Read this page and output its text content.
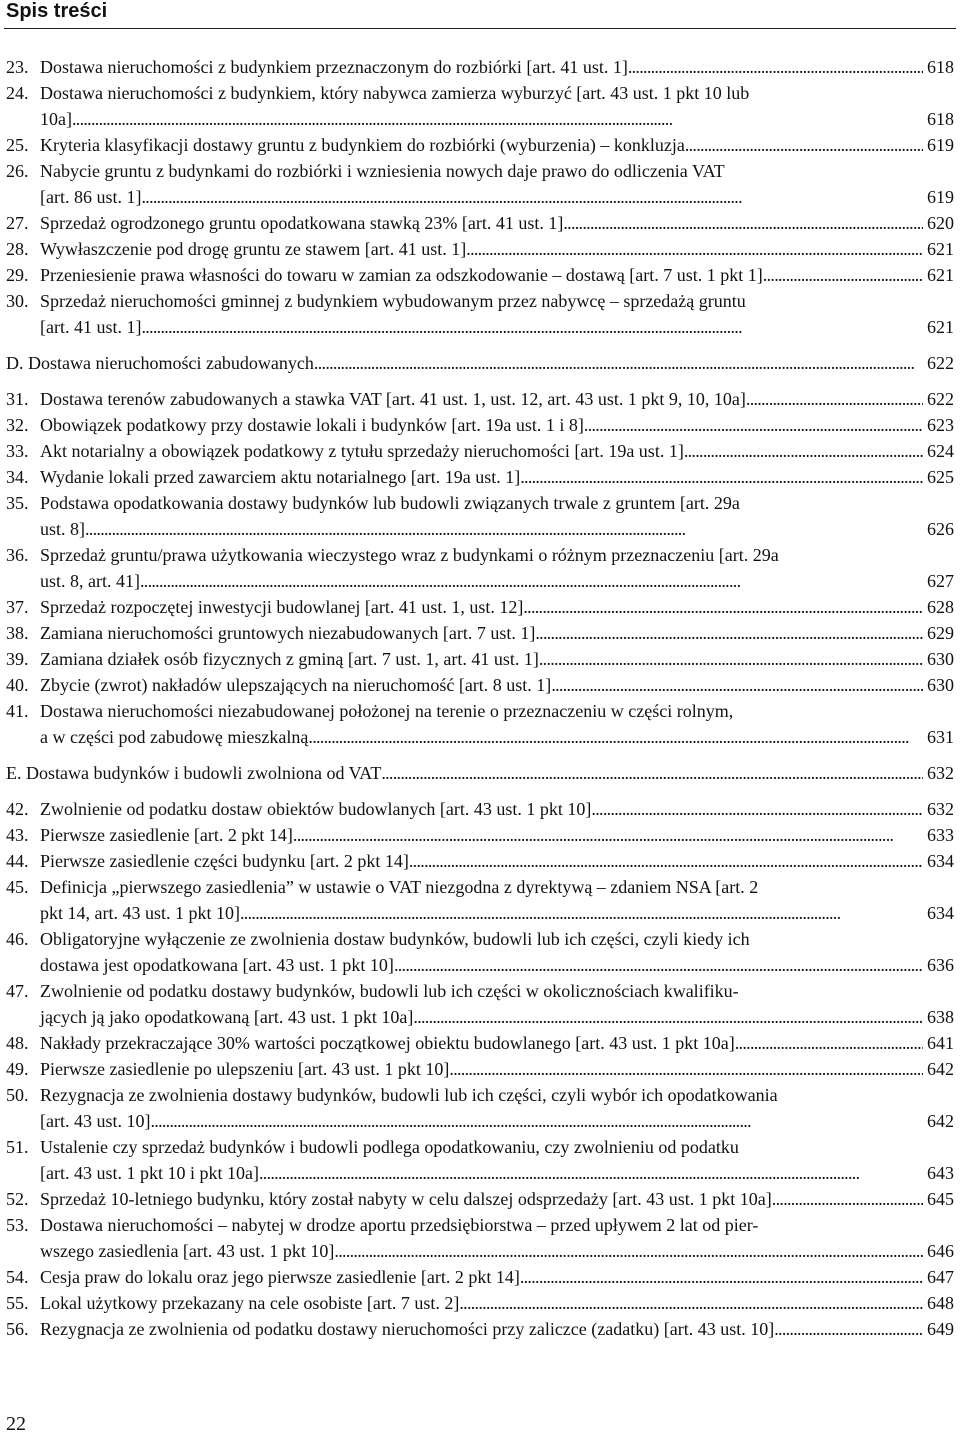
Spis treści
23. Dostawa nieruchomości z budynkiem przeznaczonym do rozbiórki [art. 41 ust. 1] . . .	618
24. Dostawa nieruchomości z budynkiem, który nabywca zamierza wyburzyć [art. 43 ust. 1 pkt 10 lub
10a] . . .	618
25. Kryteria klasyfikacji dostawy gruntu z budynkiem do rozbiórki (wyburzenia) – konkluzja . . .	619
26. Nabycie gruntu z budynkami do rozbiórki i wzniesienia nowych daje prawo do odliczenia VAT
[art. 86 ust. 1] . . .	619
27. Sprzedaż ogrodzonego gruntu opodatkowana stawką 23% [art. 41 ust. 1] . . .	620
28. Wywłaszczenie pod drogę gruntu ze stawem [art. 41 ust. 1] . . .	621
29. Przeniesienie prawa własności do towaru w zamian za odszkodowanie – dostawą [art. 7 ust. 1 pkt 1] . . .	621
30. Sprzedaż nieruchomości gminnej z budynkiem wybudowanym przez nabywcę – sprzedażą gruntu
[art. 41 ust. 1] . . .	621
D. Dostawa nieruchomości zabudowanych . . .	622
31. Dostawa terenów zabudowanych a stawka VAT [art. 41 ust. 1, ust. 12, art. 43 ust. 1 pkt 9, 10, 10a] . . .	622
32. Obowiązek podatkowy przy dostawie lokali i budynków [art. 19a ust. 1 i 8] . . .	623
33. Akt notarialny a obowiązek podatkowy z tytułu sprzedaży nieruchomości [art. 19a ust. 1] . . .	624
34. Wydanie lokali przed zawarciem aktu notarialnego [art. 19a ust. 1] . . .	625
35. Podstawa opodatkowania dostawy budynków lub budowli związanych trwale z gruntem [art. 29a
ust. 8] . . .	626
36. Sprzedaż gruntu/prawa użytkowania wieczystego wraz z budynkami o różnym przeznaczeniu [art. 29a
ust. 8, art. 41] . . .	627
37. Sprzedaż rozpoczętej inwestycji budowlanej [art. 41 ust. 1, ust. 12] . . .	628
38. Zamiana nieruchomości gruntowych niezabudowanych [art. 7 ust. 1] . . .	629
39. Zamiana działek osób fizycznych z gminą [art. 7 ust. 1, art. 41 ust. 1] . . .	630
40. Zbycie (zwrot) nakładów ulepszających na nieruchomość [art. 8 ust. 1] . . .	630
41. Dostawa nieruchomości niezabudowanej położonej na terenie o przeznaczeniu w części rolnym,
a w części pod zabudowę mieszkalną . . .	631
E. Dostawa budynków i budowli zwolniona od VAT . . .	632
42. Zwolnienie od podatku dostaw obiektów budowlanych [art. 43 ust. 1 pkt 10] . . .	632
43. Pierwsze zasiedlenie [art. 2 pkt 14] . . .	633
44. Pierwsze zasiedlenie części budynku [art. 2 pkt 14] . . .	634
45. Definicja „pierwszego zasiedlenia” w ustawie o VAT niezgodna z dyrektywą – zdaniem NSA [art. 2
pkt 14, art. 43 ust. 1 pkt 10] . . .	634
46. Obligatoryjne wyłączenie ze zwolnienia dostaw budynków, budowli lub ich części, czyli kiedy ich
dostawa jest opodatkowana [art. 43 ust. 1 pkt 10] . . .	636
47. Zwolnienie od podatku dostawy budynków, budowli lub ich części w okolicznościach kwalifiku-
jących ją jako opodatkowaną [art. 43 ust. 1 pkt 10a] . . .	638
48. Nakłady przekraczające 30% wartości początkowej obiektu budowlanego [art. 43 ust. 1 pkt 10a] . . .	641
49. Pierwsze zasiedlenie po ulepszeniu [art. 43 ust. 1 pkt 10] . . .	642
50. Rezygnacja ze zwolnienia dostawy budynków, budowli lub ich części, czyli wybór ich opodatkowania
[art. 43 ust. 10] . . .	642
51. Ustalenie czy sprzedaż budynków i budowli podlega opodatkowaniu, czy zwolnieniu od podatku
[art. 43 ust. 1 pkt 10 i pkt 10a] . . .	643
52. Sprzedaż 10-letniego budynku, który został nabyty w celu dalszej odsprzedaży [art. 43 ust. 1 pkt 10a] . . .	645
53. Dostawa nieruchomości – nabytej w drodze aportu przedsiębiorstwa – przed upływem 2 lat od pier-
wszego zasiedlenia [art. 43 ust. 1 pkt 10] . . .	646
54. Cesja praw do lokalu oraz jego pierwsze zasiedlenie [art. 2 pkt 14] . . .	647
55. Lokal użytkowy przekazany na cele osobiste [art. 7 ust. 2] . . .	648
56. Rezygnacja ze zwolnienia od podatku dostawy nieruchomości przy zaliczce (zadatku) [art. 43 ust. 10] . . .	649
22
